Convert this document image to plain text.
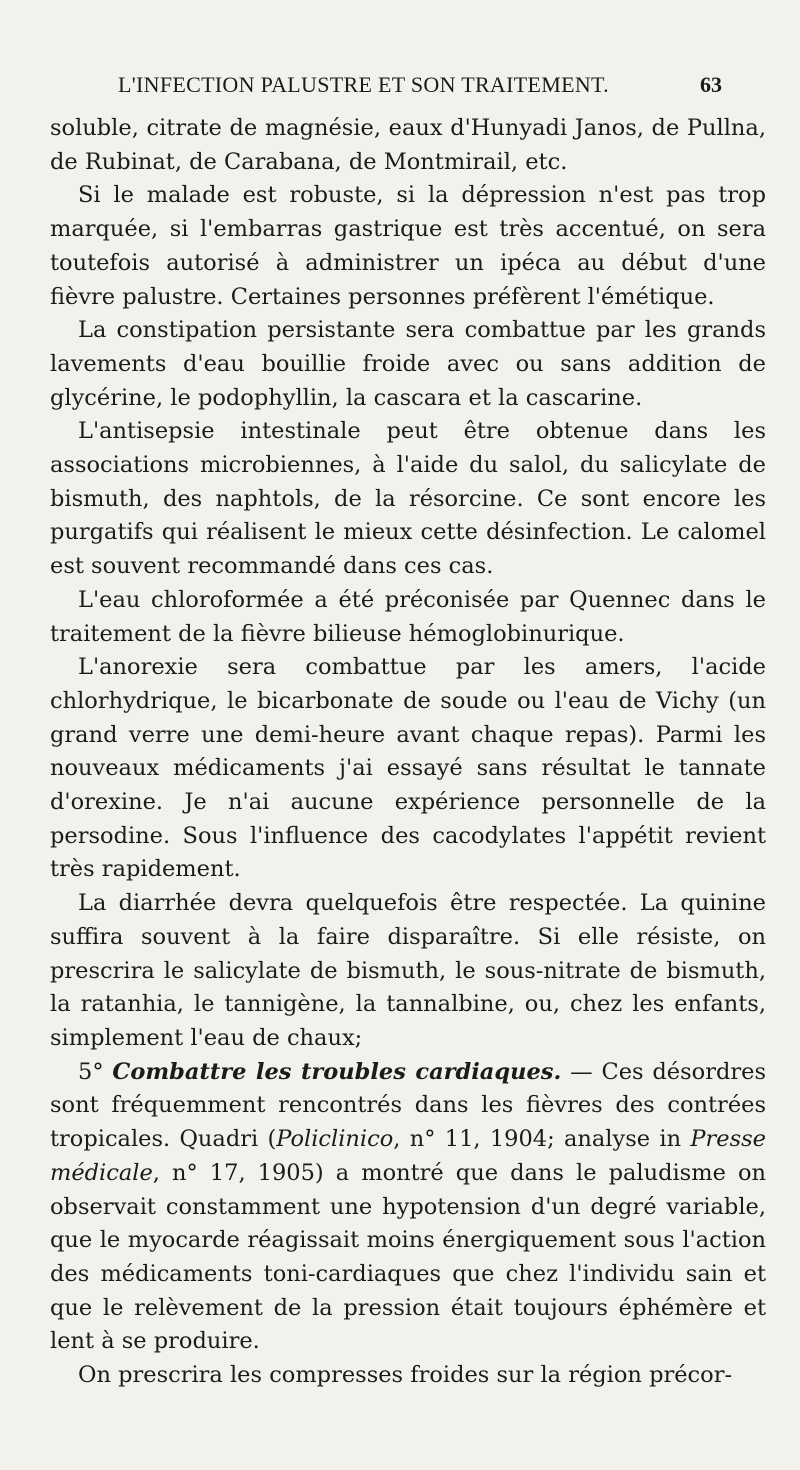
L'INFECTION PALUSTRE ET SON TRAITEMENT.	63

soluble, citrate de magnésie, eaux d'Hunyadi Janos, de Pullna, de Rubinat, de Carabana, de Montmirail, etc.

Si le malade est robuste, si la dépression n'est pas trop marquée, si l'embarras gastrique est très accentué, on sera toutefois autorisé à administrer un ipéca au début d'une fièvre palustre. Certaines personnes préfèrent l'émétique.

La constipation persistante sera combattue par les grands lavements d'eau bouillie froide avec ou sans addition de glycérine, le podophyllin, la cascara et la cascarine.

L'antisepsie intestinale peut être obtenue dans les associations microbiennes, à l'aide du salol, du salicylate de bismuth, des naphtols, de la résorcine. Ce sont encore les purgatifs qui réalisent le mieux cette désinfection. Le calomel est souvent recommandé dans ces cas.

L'eau chloroformée a été préconisée par Quennec dans le traitement de la fièvre bilieuse hémoglobinurique.

L'anorexie sera combattue par les amers, l'acide chlorhydrique, le bicarbonate de soude ou l'eau de Vichy (un grand verre une demi-heure avant chaque repas). Parmi les nouveaux médicaments j'ai essayé sans résultat le tannate d'orexine. Je n'ai aucune expérience personnelle de la persodine. Sous l'influence des cacodylates l'appétit revient très rapidement.

La diarrhée devra quelquefois être respectée. La quinine suffira souvent à la faire disparaître. Si elle résiste, on prescrira le salicylate de bismuth, le sous-nitrate de bismuth, la ratanhia, le tannigène, la tannalbine, ou, chez les enfants, simplement l'eau de chaux;

5° Combattre les troubles cardiaques. — Ces désordres sont fréquemment rencontrés dans les fièvres des contrées tropicales. Quadri (Policlinico, n° 11, 1904; analyse in Presse médicale, n° 17, 1905) a montré que dans le paludisme on observait constamment une hypotension d'un degré variable, que le myocarde réagissait moins énergiquement sous l'action des médicaments toni-cardiaques que chez l'individu sain et que le relèvement de la pression était toujours éphémère et lent à se produire.

On prescrira les compresses froides sur la région précor-
